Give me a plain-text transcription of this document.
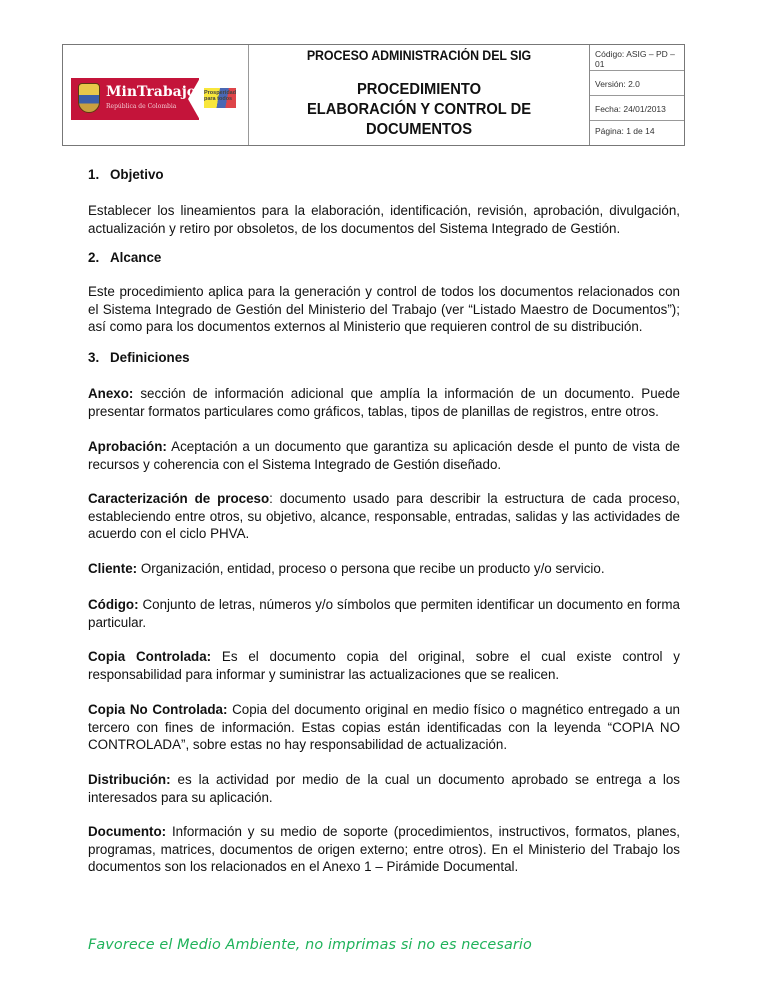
MinTrabajo
República de Colombia
Prosperidad para todos
PROCESO ADMINISTRACIÓN DEL SIG
PROCEDIMIENTO
ELABORACIÓN Y CONTROL DE
DOCUMENTOS
Código: ASIG – PD –
01
Versión: 2.0
Fecha: 24/01/2013
Página: 1 de 14
1. Objetivo

Establecer los lineamientos para la elaboración, identificación, revisión, aprobación, divulgación, actualización y retiro por obsoletos, de los documentos del Sistema Integrado de Gestión.

2. Alcance

Este procedimiento aplica para la generación y control de todos los documentos relacionados con el Sistema Integrado de Gestión del Ministerio del Trabajo (ver “Listado Maestro de Documentos”); así como para los documentos externos al Ministerio que requieren control de su distribución.

3. Definiciones

Anexo: sección de información adicional que amplía la información de un documento. Puede presentar formatos particulares como gráficos, tablas, tipos de planillas de registros, entre otros.

Aprobación: Aceptación a un documento que garantiza su aplicación desde el punto de vista de recursos y coherencia con el Sistema Integrado de Gestión diseñado.

Caracterización de proceso: documento usado para describir la estructura de cada proceso, estableciendo entre otros, su objetivo, alcance, responsable, entradas, salidas y las actividades de acuerdo con el ciclo PHVA.

Cliente: Organización, entidad, proceso o persona que recibe un producto y/o servicio.

Código: Conjunto de letras, números y/o símbolos que permiten identificar un documento en forma particular.

Copia Controlada: Es el documento copia del original, sobre el cual existe control y responsabilidad para informar y suministrar las actualizaciones que se realicen.

Copia No Controlada: Copia del documento original en medio físico o magnético entregado a un tercero con fines de información. Estas copias están identificadas con la leyenda “COPIA NO CONTROLADA”, sobre estas no hay responsabilidad de actualización.

Distribución: es la actividad por medio de la cual un documento aprobado se entrega a los interesados para su aplicación.

Documento: Información y su medio de soporte (procedimientos, instructivos, formatos, planes, programas, matrices, documentos de origen externo; entre otros). En el Ministerio del Trabajo los documentos son los relacionados en el Anexo 1 – Pirámide Documental.

Favorece el Medio Ambiente, no imprimas si no es necesario
